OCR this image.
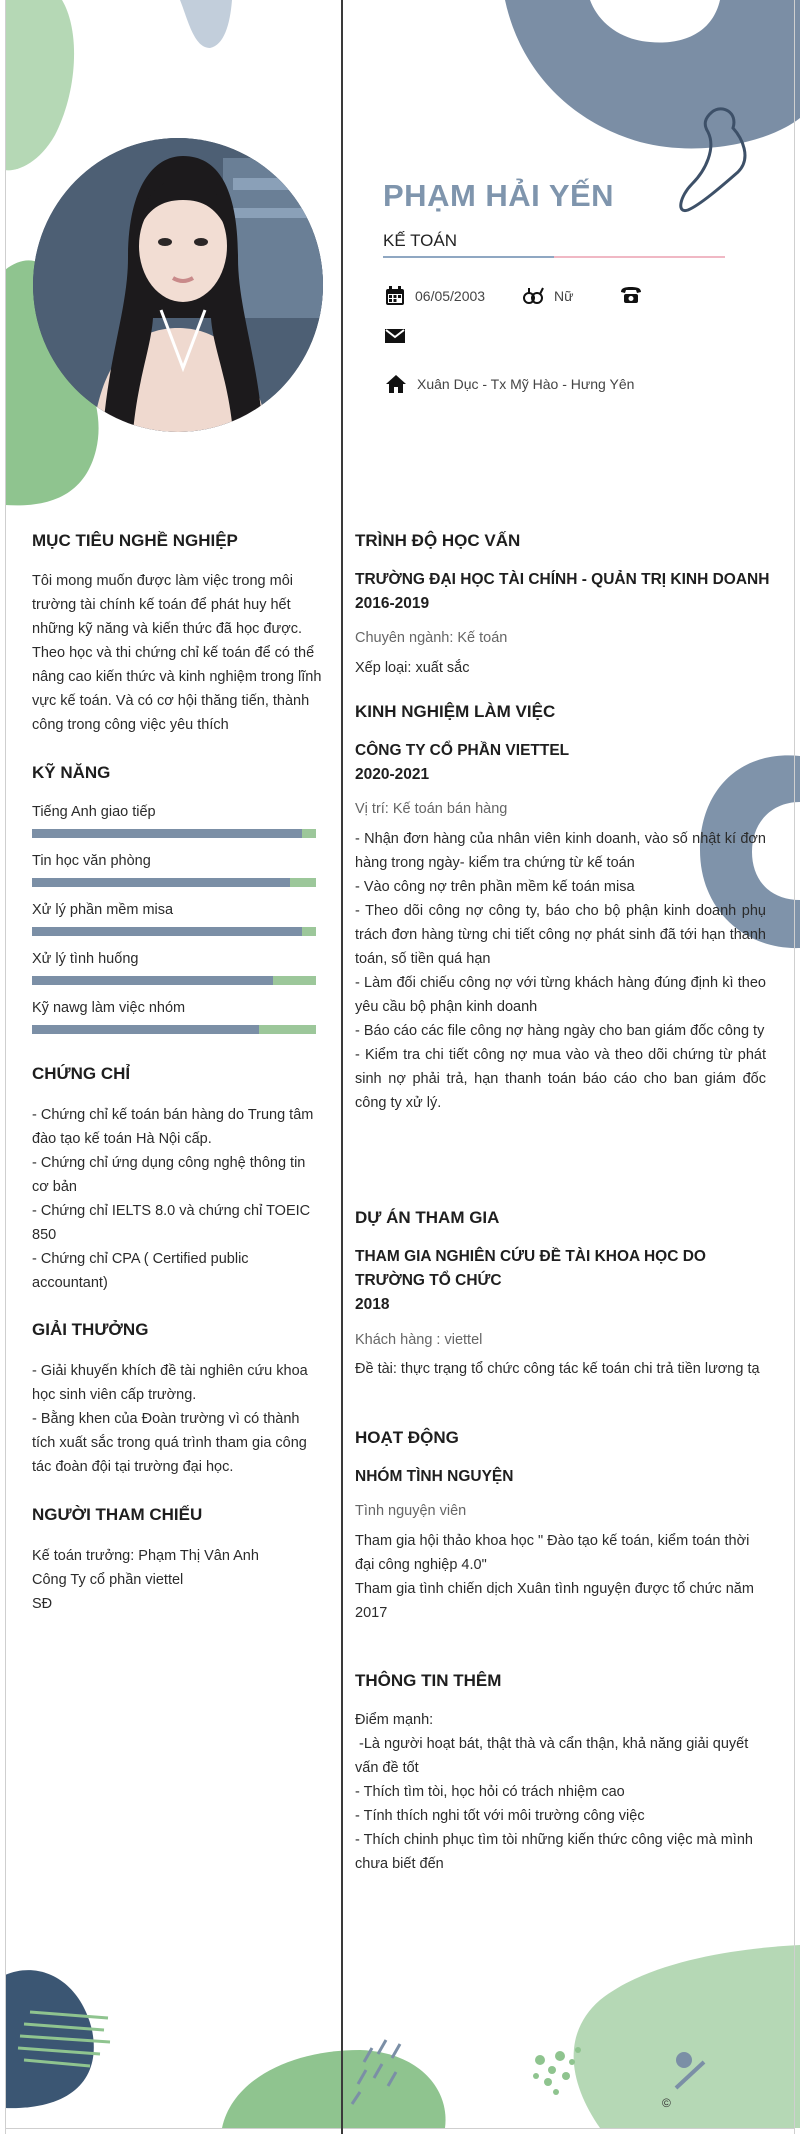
PHẠM HẢI YẾN
KẾ TOÁN
06/05/2003	Nữ
Xuân Dục - Tx Mỹ Hào - Hưng Yên
MỤC TIÊU NGHỀ NGHIỆP

Tôi mong muốn được làm việc trong môi trường tài chính kế toán để phát huy hết những kỹ năng và kiến thức đã học được. Theo học và thi chứng chỉ kế toán để có thể nâng cao kiến thức và kinh nghiệm trong lĩnh vực kế toán. Và có cơ hội thăng tiến, thành công trong công việc yêu thích

KỸ NĂNG
Tiếng Anh giao tiếp
Tin học văn phòng
Xử lý phần mềm misa
Xử lý tình huống
Kỹ nawg làm việc nhóm
CHỨNG CHỈ
- Chứng chỉ kế toán bán hàng do Trung tâm đào tạo kế toán Hà Nội cấp.
- Chứng chỉ ứng dụng công nghệ thông tin cơ bản
- Chứng chỉ IELTS 8.0 và chứng chỉ TOEIC 850
- Chứng chỉ CPA ( Certified public accountant)
GIẢI THƯỞNG
- Giải khuyến khích đề tài nghiên cứu khoa học sinh viên cấp trường.
- Bằng khen của Đoàn trường vì có thành tích xuất sắc trong quá trình tham gia công tác đoàn đội tại trường đại học.
NGƯỜI THAM CHIẾU
Kế toán trưởng: Phạm Thị Vân Anh
Công Ty cổ phần viettel
SĐ
TRÌNH ĐỘ HỌC VẤN
TRƯỜNG ĐẠI HỌC TÀI CHÍNH - QUẢN TRỊ KINH DOANH
2016-2019
Chuyên ngành: Kế toán
Xếp loại: xuất sắc
KINH NGHIỆM LÀM VIỆC
CÔNG TY CỔ PHẦN VIETTEL
2020-2021
Vị trí: Kế toán bán hàng
- Nhận đơn hàng của nhân viên kinh doanh, vào số nhật kí đơn hàng trong ngày- kiểm tra chứng từ kế toán
- Vào công nợ trên phần mềm kế toán misa
- Theo dõi công nợ công ty, báo cho bộ phận kinh doanh phụ trách đơn hàng từng chi tiết công nợ phát sinh đã tới hạn thanh toán, số tiền quá hạn
- Làm đối chiếu công nợ với từng khách hàng đúng định kì theo yêu cầu bộ phận kinh doanh
- Báo cáo các file công nợ hàng ngày cho ban giám đốc công ty
- Kiểm tra chi tiết công nợ mua vào và theo dõi chứng từ phát sinh nợ phải trả, hạn thanh toán báo cáo cho ban giám đốc công ty xử lý.
DỰ ÁN THAM GIA
THAM GIA NGHIÊN CỨU ĐỀ TÀI KHOA HỌC DO TRƯỜNG TỔ CHỨC
2018
Khách hàng : viettel
Đề tài: thực trạng tổ chức công tác kế toán chi trả tiền lương tạ
HOẠT ĐỘNG
NHÓM TÌNH NGUYỆN
Tình nguyện viên
Tham gia hội thảo khoa học " Đào tạo kế toán, kiểm toán thời đại công nghiệp 4.0"
Tham gia tình chiến dịch Xuân tình nguyện được tổ chức năm 2017
THÔNG TIN THÊM
Điểm mạnh:
-Là người hoạt bát, thật thà và cẩn thận, khả năng giải quyết vấn đề tốt
- Thích tìm tòi, học hỏi có trách nhiệm cao
- Tính thích nghi tốt với môi trường công việc
- Thích chinh phục tìm tòi những kiến thức công việc mà mình chưa biết đến
©
